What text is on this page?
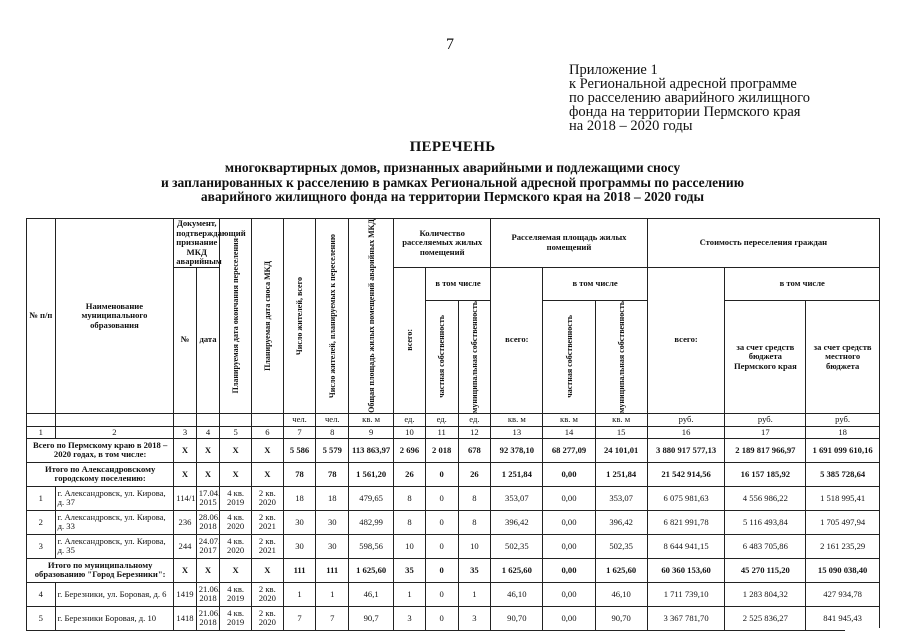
7
Приложение 1
к Региональной адресной программе
по расселению аварийного жилищного
фонда на территории Пермского края
на 2018 – 2020 годы
ПЕРЕЧЕНЬ
многоквартирных домов, признанных аварийными и подлежащими сносу
и запланированных к расселению в рамках Региональной адресной программы по расселению
аварийного жилищного фонда на территории Пермского края на 2018 – 2020 годы
№ п/п	Наименование муниципального образования	Документ, подтверждающий признание МКД аварийным		Планируемая дата окончания переселения	Планируемая дата сноса МКД	Число жителей, всего	Число жителей, планируемых к переселению	Общая площадь жилых помещений аварийных МКД	Количество расселяемых жилых помещений			Расселяемая площадь жилых помещений			Стоимость переселения граждан		
		№	дата						всего:	в том числе		всего:	в том числе		всего:	в том числе	

										частная собственность	муниципальная собственность		частная собственность	муниципальная собственность		за счет средств бюджета Пермского края	за счет средств местного бюджета
						чел.	чел.	кв. м	ед.	ед.	ед.	кв. м	кв. м	кв. м	руб.	руб.	руб.
1	2	3	4	5	6	7	8	9	10	11	12	13	14	15	16	17	18
Всего по Пермскому краю в 2018 – 2020 годах, в том числе:		X	X	X	X	5 586	5 579	113 863,97	2 696	2 018	678	92 378,10	68 277,09	24 101,01	3 880 917 577,13	2 189 817 966,97	1 691 099 610,16
Итого по Александровскому городскому поселению:		X	X	X	X	78	78	1 561,20	26	0	26	1 251,84	0,00	1 251,84	21 542 914,56	16 157 185,92	5 385 728,64
1	г. Александровск, ул. Кирова, д. 37	114/1	17.04. 2015	4 кв. 2019	2 кв. 2020	18	18	479,65	8	0	8	353,07	0,00	353,07	6 075 981,63	4 556 986,22	1 518 995,41
2	г. Александровск, ул. Кирова, д. 33	236	28.06. 2018	4 кв. 2020	2 кв. 2021	30	30	482,99	8	0	8	396,42	0,00	396,42	6 821 991,78	5 116 493,84	1 705 497,94
3	г. Александровск, ул. Кирова, д. 35	244	24.07. 2017	4 кв. 2020	2 кв. 2021	30	30	598,56	10	0	10	502,35	0,00	502,35	8 644 941,15	6 483 705,86	2 161 235,29
Итого по муниципальному образованию "Город Березники":		X	X	X	X	111	111	1 625,60	35	0	35	1 625,60	0,00	1 625,60	60 360 153,60	45 270 115,20	15 090 038,40
4	г. Березники, ул. Боровая, д. 6	1419	21.06. 2018	4 кв. 2019	2 кв. 2020	1	1	46,1	1	0	1	46,10	0,00	46,10	1 711 739,10	1 283 804,32	427 934,78
5	г. Березники Боровая, д. 10	1418	21.06. 2018	4 кв. 2019	2 кв. 2020	7	7	90,7	3	0	3	90,70	0,00	90,70	3 367 781,70	2 525 836,27	841 945,43
